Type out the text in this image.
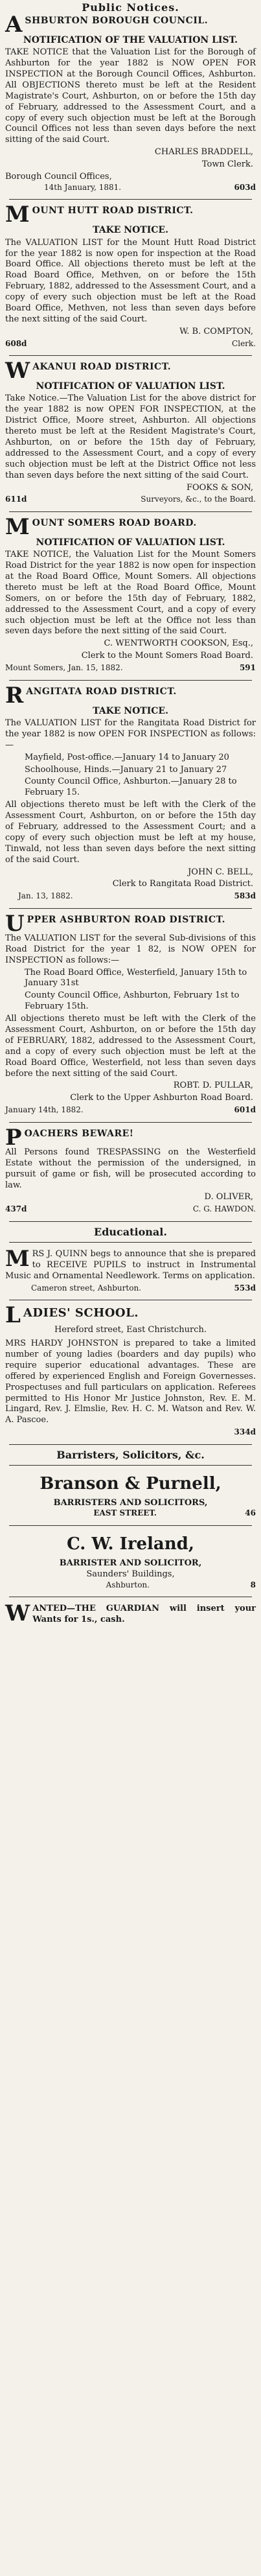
Public Notices.
A SHBURTON BOROUGH COUNCIL.
NOTIFICATION OF THE VALUATION LIST.

TAKE NOTICE that the Valuation List for the Borough of Ashburton for the year 1882 is NOW OPEN FOR INSPECTION at the Borough Council Offices, Ashburton. All OBJECTIONS thereto must be left at the Resident Magistrate's Court, Ashburton, on or before the 15th day of February, addressed to the Assessment Court, and a copy of every such objection must be left at the Borough Council Offices not less than seven days before the next sitting of the said Court.

CHARLES BRADDELL,
Town Clerk.
Borough Council Offices,
14th January, 1881.	603d
M OUNT HUTT ROAD DISTRICT.
TAKE NOTICE.

The VALUATION LIST for the Mount Hutt Road District for the year 1882 is now open for inspection at the Road Board Office. All objections thereto must be left at the Road Board Office, Methven, on or before the 15th February, 1882, addressed to the Assessment Court, and a copy of every such objection must be left at the Road Board Office, Methven, not less than seven days before the next sitting of the said Court.

W. B. COMPTON,
608d	Clerk.
W AKANUI ROAD DISTRICT.
NOTIFICATION OF VALUATION LIST.

Take Notice.—The Valuation List for the above district for the year 1882 is now OPEN FOR INSPECTION, at the District Office, Moore street, Ashburton. All objections thereto must be left at the Resident Magistrate's Court, Ashburton, on or before the 15th day of February, addressed to the Assessment Court, and a copy of every such objection must be left at the District Office not less than seven days before the next sitting of the said Court.

FOOKS & SON,
611d	Surveyors, &c., to the Board.
M OUNT SOMERS ROAD BOARD.
NOTIFICATION OF VALUATION LIST.

TAKE NOTICE, the Valuation List for the Mount Somers Road District for the year 1882 is now open for inspection at the Road Board Office, Mount Somers. All objections thereto must be left at the Road Board Office, Mount Somers, on or before the 15th day of February, 1882, addressed to the Assessment Court, and a copy of every such objection must be left at the Office not less than seven days before the next sitting of the said Court.

C. WENTWORTH COOKSON, Esq.,
Clerk to the Mount Somers Road Board.
Mount Somers, Jan. 15, 1882.	591
R ANGITATA ROAD DISTRICT.
TAKE NOTICE.

The VALUATION LIST for the Rangitata Road District for the year 1882 is now OPEN FOR INSPECTION as follows:—

Mayfield, Post-office.—January 14 to January 20
Schoolhouse, Hinds.—January 21 to January 27
County Council Office, Ashburton.—January 28 to February 15.

All objections thereto must be left with the Clerk of the Assessment Court, Ashburton, on or before the 15th day of February, addressed to the Assessment Court; and a copy of every such objection must be left at my house, Tinwald, not less than seven days before the next sitting of the said Court.

JOHN C. BELL,
Clerk to Rangitata Road District.
Jan. 13, 1882.	583d
U PPER ASHBURTON ROAD DISTRICT.

The VALUATION LIST for the several Sub-divisions of this Road District for the year 1 82, is NOW OPEN for INSPECTION as follows:—

The Road Board Office, Westerfield, January 15th to January 31st
County Council Office, Ashburton, February 1st to February 15th.

All objections thereto must be left with the Clerk of the Assessment Court, Ashburton, on or before the 15th day of FEBRUARY, 1882, addressed to the Assessment Court, and a copy of every such objection must be left at the Road Board Office, Westerfield, not less than seven days before the next sitting of the said Court.

ROBT. D. PULLAR,
Clerk to the Upper Ashburton Road Board.
January 14th, 1882.	601d
P OACHERS BEWARE!

All Persons found TRESPASSING on the Westerfield Estate without the permission of the undersigned, in pursuit of game or fish, will be prosecuted according to law.

D. OLIVER,
437d	C. G. HAWDON.
Educational.

MRS J. QUINN begs to announce that she is prepared to RECEIVE PUPILS to instruct in Instrumental Music and Ornamental Needlework. Terms on application.

Cameron street, Ashburton.	553d
L ADIES' SCHOOL.
Hereford street, East Christchurch.

MRS HARDY JOHNSTON is prepared to take a limited number of young ladies (boarders and day pupils) who require superior educational advantages. These are offered by experienced English and Foreign Governesses. Prospectuses and full particulars on application. Referees permitted to His Honor Mr Justice Johnston, Rev. E. M. Lingard, Rev. J. Elmslie, Rev. H. C. M. Watson and Rev. W. A. Pascoe.

334d
Barristers, Solicitors, &c.
Branson & Purnell,
BARRISTERS AND SOLICITORS,
EAST STREET.	46
C. W. Ireland,
BARRISTER AND SOLICITOR,
Saunders' Buildings,
Ashburton.	8

WANTED—THE GUARDIAN will insert your Wants for 1s., cash.
